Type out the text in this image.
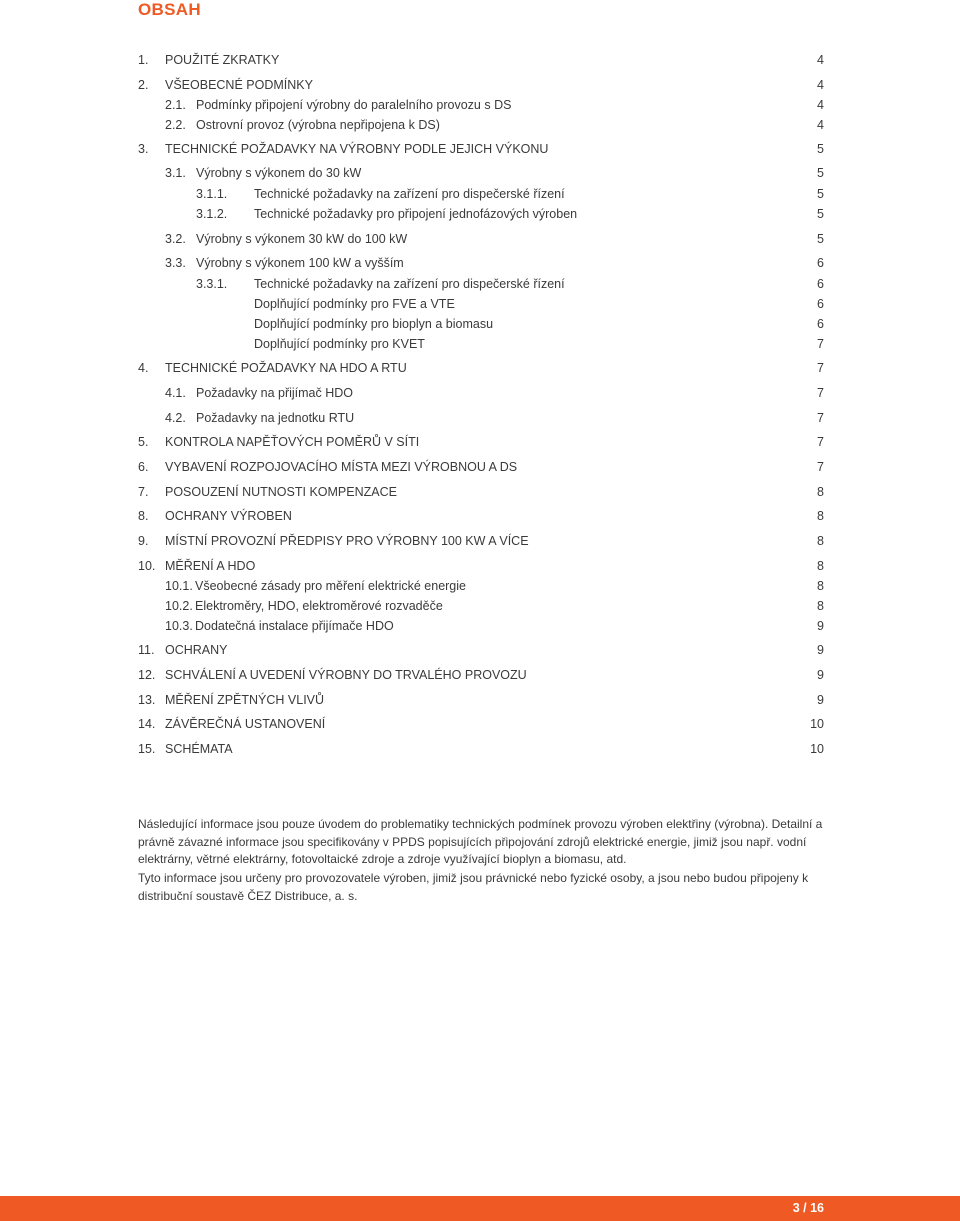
OBSAH
1. POUŽITÉ ZKRATKY	4
2. VŠEOBECNÉ PODMÍNKY	4
2.1. Podmínky připojení výrobny do paralelního provozu s DS	4
2.2. Ostrovní provoz (výrobna nepřipojena k DS)	4
3. TECHNICKÉ POŽADAVKY NA VÝROBNY PODLE JEJICH VÝKONU	5
3.1. Výrobny s výkonem do 30 kW	5
3.1.1. Technické požadavky na zařízení pro dispečerské řízení	5
3.1.2. Technické požadavky pro připojení jednofázových výroben	5
3.2. Výrobny s výkonem 30 kW do 100 kW	5
3.3. Výrobny s výkonem 100 kW a vyšším	6
3.3.1. Technické požadavky na zařízení pro dispečerské řízení	6
Doplňující podmínky pro FVE a VTE	6
Doplňující podmínky pro bioplyn a biomasu	6
Doplňující podmínky pro KVET	7
4. TECHNICKÉ POŽADAVKY NA HDO A RTU	7
4.1. Požadavky na přijímač HDO	7
4.2. Požadavky na jednotku RTU	7
5. KONTROLA NAPĚŤOVÝCH POMĚRŮ V SÍTI	7
6. VYBAVENÍ ROZPOJOVACÍHO MÍSTA MEZI VÝROBNOU A DS	7
7. POSOUZENÍ NUTNOSTI KOMPENZACE	8
8. OCHRANY VÝROBEN	8
9. MÍSTNÍ PROVOZNÍ PŘEDPISY PRO VÝROBNY 100 KW A VÍCE	8
10. MĚŘENÍ A HDO	8
10.1. Všeobecné zásady pro měření elektrické energie	8
10.2. Elektroměry, HDO, elektroměrové rozvaděče	8
10.3. Dodatečná instalace přijímače HDO	9
11. OCHRANY	9
12. SCHVÁLENÍ A UVEDENÍ VÝROBNY DO TRVALÉHO PROVOZU	9
13. MĚŘENÍ ZPĚTNÝCH VLIVŮ	9
14. ZÁVĚREČNÁ USTANOVENÍ	10
15. SCHÉMATA	10
Následující informace jsou pouze úvodem do problematiky technických podmínek provozu výroben elektřiny (výrobna). Detailní a právně závazné informace jsou specifikovány v PPDS popisujících připojování zdrojů elektrické energie, jimiž jsou např. vodní elektrárny, větrné elektrárny, fotovoltaické zdroje a zdroje využívající bioplyn a biomasu, atd.
Tyto informace jsou určeny pro provozovatele výroben, jimiž jsou právnické nebo fyzické osoby, a jsou nebo budou připojeny k distribuční soustavě ČEZ Distribuce, a. s.
3 / 16
